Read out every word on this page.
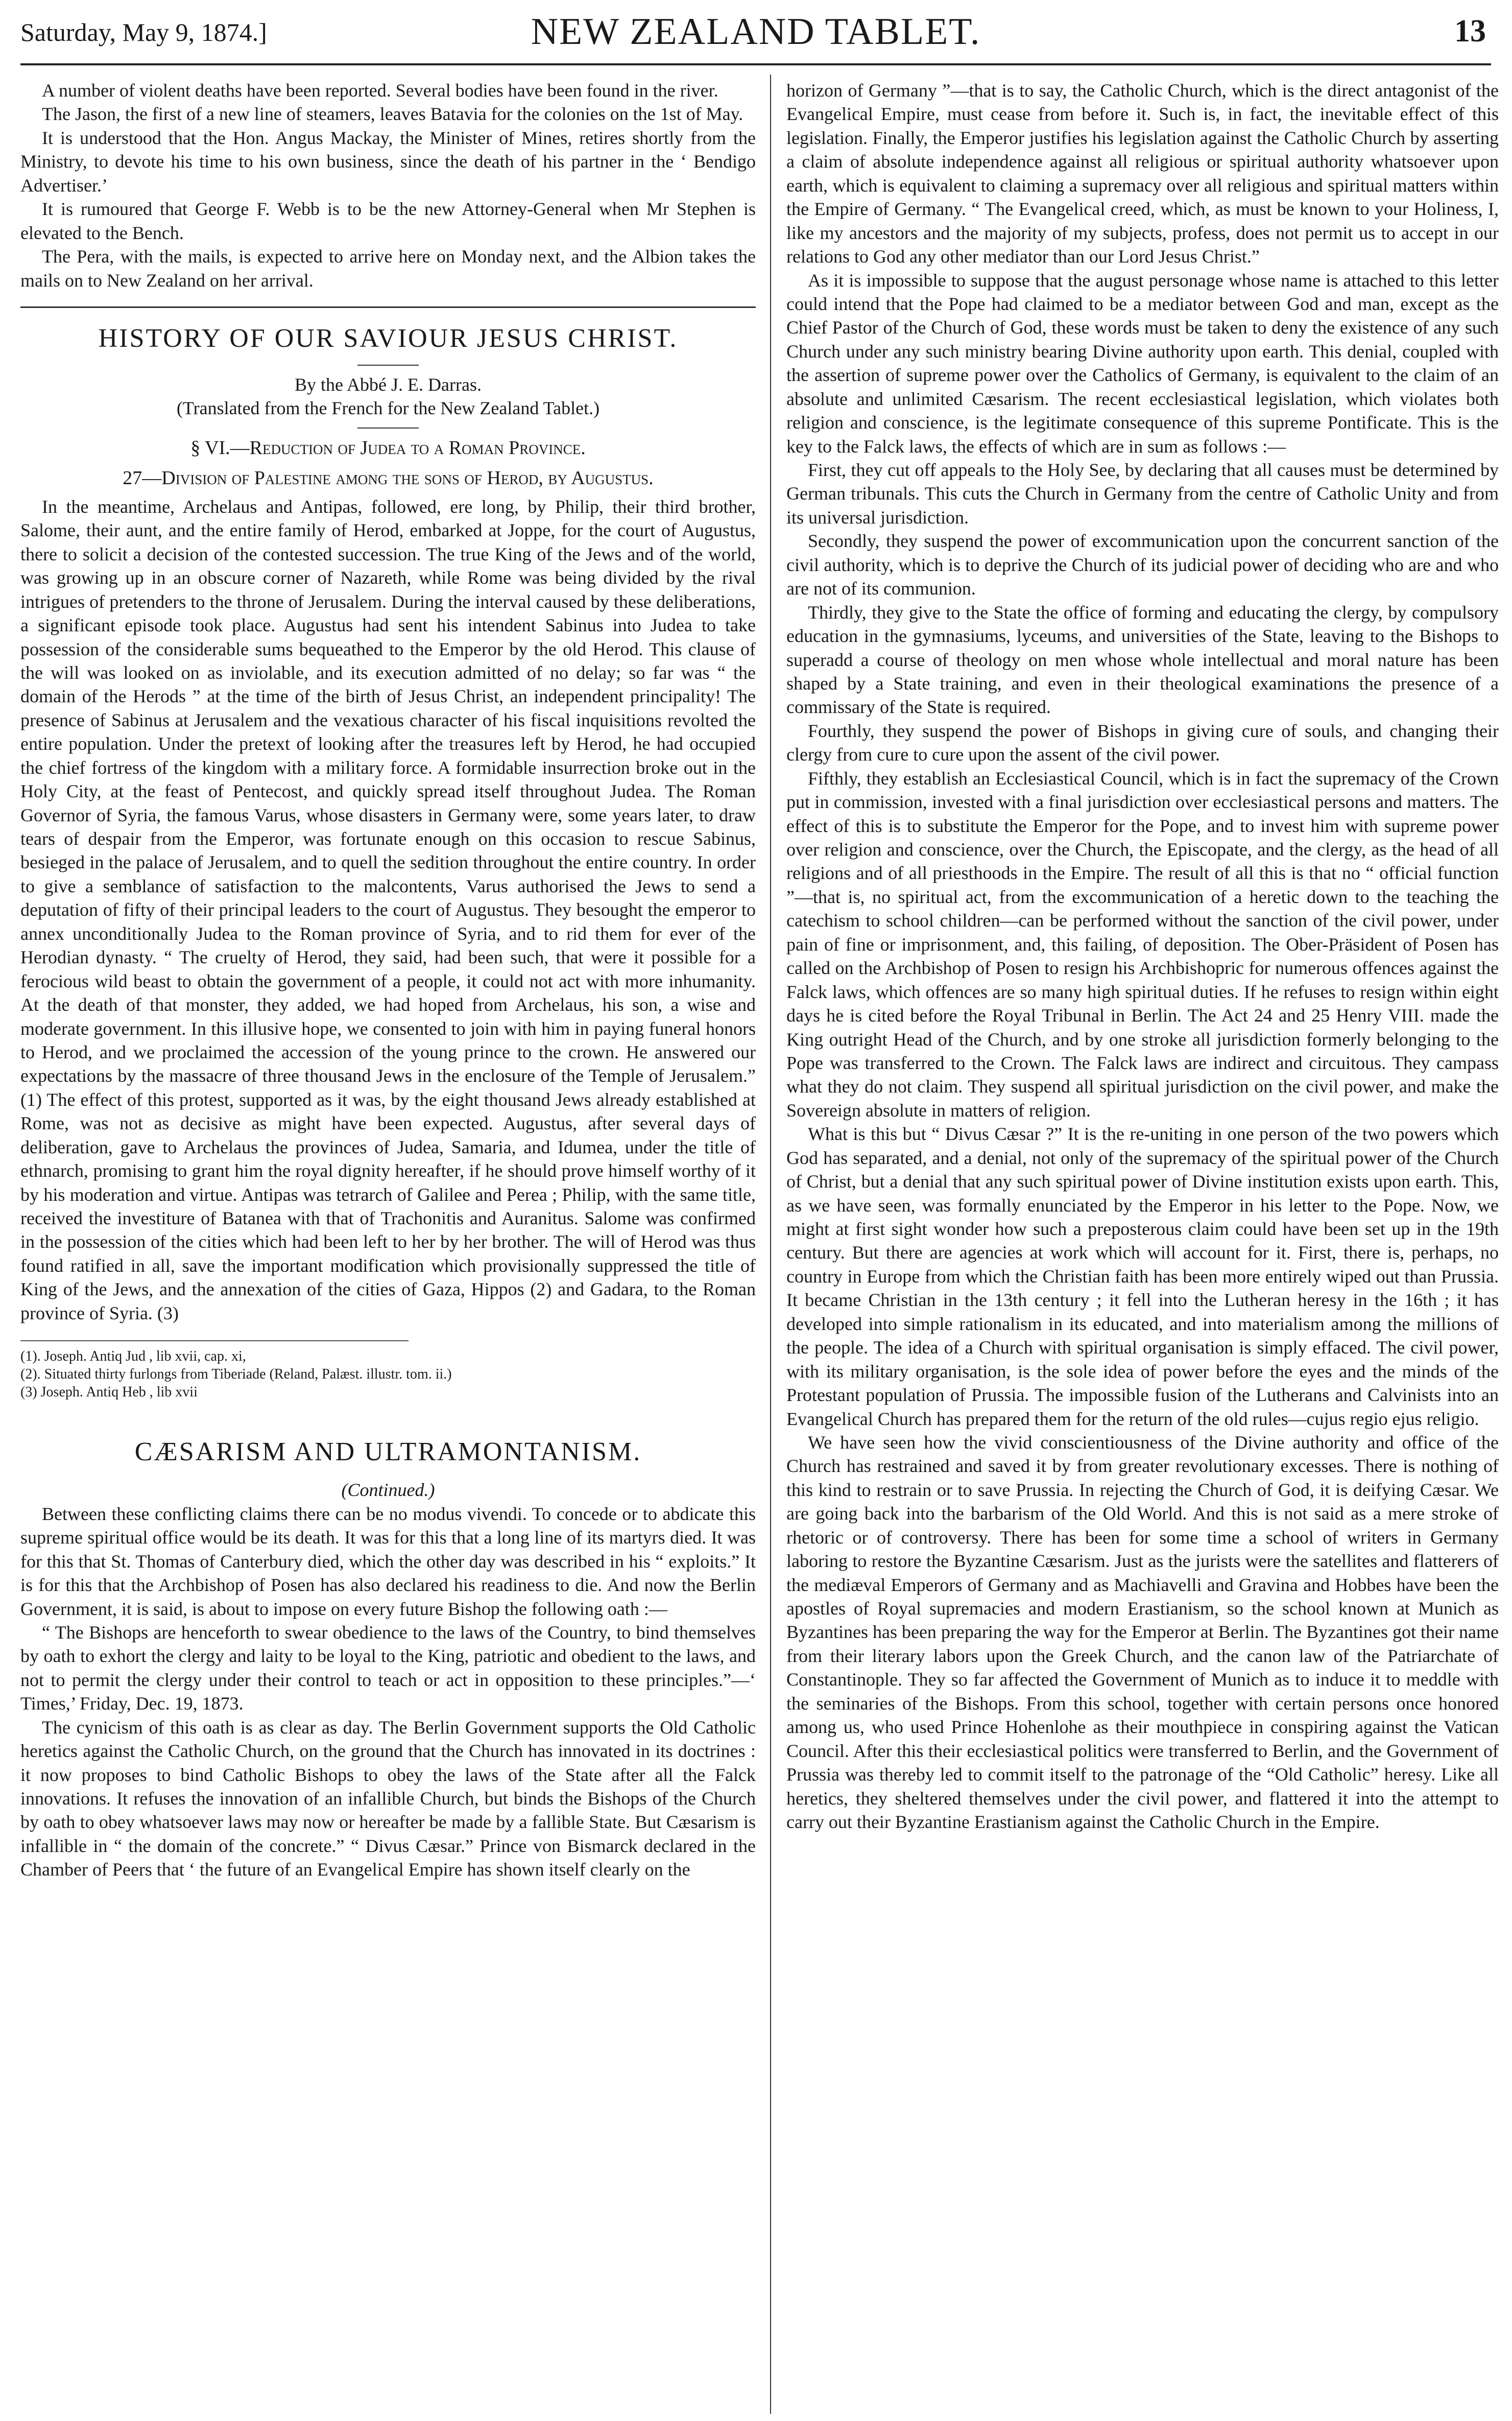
Saturday, May 9, 1874.]	NEW ZEALAND TABLET.	13

A number of violent deaths have been reported. Several bodies have been found in the river.

The Jason, the first of a new line of steamers, leaves Batavia for the colonies on the 1st of May.

It is understood that the Hon. Angus Mackay, the Minister of Mines, retires shortly from the Ministry, to devote his time to his own business, since the death of his partner in the ‘ Bendigo Advertiser.’

It is rumoured that George F. Webb is to be the new Attorney-General when Mr Stephen is elevated to the Bench.

The Pera, with the mails, is expected to arrive here on Monday next, and the Albion takes the mails on to New Zealand on her arrival.

HISTORY OF OUR SAVIOUR JESUS CHRIST.

By the Abbé J. E. Darras.

(Translated from the French for the New Zealand Tablet.)

§ VI.—Reduction of Judea to a Roman Province.

27—Division of Palestine among the sons of Herod, by Augustus.

In the meantime, Archelaus and Antipas, followed, ere long, by Philip, their third brother, Salome, their aunt, and the entire family of Herod, embarked at Joppe, for the court of Augustus, there to solicit a decision of the contested succession. The true King of the Jews and of the world, was growing up in an obscure corner of Nazareth, while Rome was being divided by the rival intrigues of pretenders to the throne of Jerusalem. During the interval caused by these deliberations, a significant episode took place. Augustus had sent his intendent Sabinus into Judea to take possession of the considerable sums bequeathed to the Emperor by the old Herod. This clause of the will was looked on as inviolable, and its execution admitted of no delay; so far was “ the domain of the Herods ” at the time of the birth of Jesus Christ, an independent principality! The presence of Sabinus at Jerusalem and the vexatious character of his fiscal inquisitions revolted the entire population. Under the pretext of looking after the treasures left by Herod, he had occupied the chief fortress of the kingdom with a military force. A formidable insurrection broke out in the Holy City, at the feast of Pentecost, and quickly spread itself throughout Judea. The Roman Governor of Syria, the famous Varus, whose disasters in Germany were, some years later, to draw tears of despair from the Emperor, was fortunate enough on this occasion to rescue Sabinus, besieged in the palace of Jerusalem, and to quell the sedition throughout the entire country. In order to give a semblance of satisfaction to the malcontents, Varus authorised the Jews to send a deputation of fifty of their principal leaders to the court of Augustus. They besought the emperor to annex unconditionally Judea to the Roman province of Syria, and to rid them for ever of the Herodian dynasty. “ The cruelty of Herod, they said, had been such, that were it possible for a ferocious wild beast to obtain the government of a people, it could not act with more inhumanity. At the death of that monster, they added, we had hoped from Archelaus, his son, a wise and moderate government. In this illusive hope, we consented to join with him in paying funeral honors to Herod, and we proclaimed the accession of the young prince to the crown. He answered our expectations by the massacre of three thousand Jews in the enclosure of the Temple of Jerusalem.” (1) The effect of this protest, supported as it was, by the eight thousand Jews already established at Rome, was not as decisive as might have been expected. Augustus, after several days of deliberation, gave to Archelaus the provinces of Judea, Samaria, and Idumea, under the title of ethnarch, promising to grant him the royal dignity hereafter, if he should prove himself worthy of it by his moderation and virtue. Antipas was tetrarch of Galilee and Perea ; Philip, with the same title, received the investiture of Batanea with that of Trachonitis and Auranitus. Salome was confirmed in the possession of the cities which had been left to her by her brother. The will of Herod was thus found ratified in all, save the important modification which provisionally suppressed the title of King of the Jews, and the annexation of the cities of Gaza, Hippos (2) and Gadara, to the Roman province of Syria. (3)

(1). Joseph. Antiq Jud , lib xvii, cap. xi,

(2). Situated thirty furlongs from Tiberiade (Reland, Palæst. illustr. tom. ii.)

(3) Joseph. Antiq Heb , lib xvii

CÆSARISM AND ULTRAMONTANISM.

(Continued.)

Between these conflicting claims there can be no modus vivendi. To concede or to abdicate this supreme spiritual office would be its death. It was for this that a long line of its martyrs died. It was for this that St. Thomas of Canterbury died, which the other day was described in his “ exploits.” It is for this that the Archbishop of Posen has also declared his readiness to die. And now the Berlin Government, it is said, is about to impose on every future Bishop the following oath :—

“ The Bishops are henceforth to swear obedience to the laws of the Country, to bind themselves by oath to exhort the clergy and laity to be loyal to the King, patriotic and obedient to the laws, and not to permit the clergy under their control to teach or act in opposition to these principles.”—‘ Times,’ Friday, Dec. 19, 1873.

The cynicism of this oath is as clear as day. The Berlin Government supports the Old Catholic heretics against the Catholic Church, on the ground that the Church has innovated in its doctrines : it now proposes to bind Catholic Bishops to obey the laws of the State after all the Falck innovations. It refuses the innovation of an infallible Church, but binds the Bishops of the Church by oath to obey whatsoever laws may now or hereafter be made by a fallible State. But Cæsarism is infallible in “ the domain of the concrete.” “ Divus Cæsar.” Prince von Bismarck declared in the Chamber of Peers that ‘ the future of an Evangelical Empire has shown itself clearly on the

horizon of Germany ”—that is to say, the Catholic Church, which is the direct antagonist of the Evangelical Empire, must cease from before it. Such is, in fact, the inevitable effect of this legislation. Finally, the Emperor justifies his legislation against the Catholic Church by asserting a claim of absolute independence against all religious or spiritual authority whatsoever upon earth, which is equivalent to claiming a supremacy over all religious and spiritual matters within the Empire of Germany. “ The Evangelical creed, which, as must be known to your Holiness, I, like my ancestors and the majority of my subjects, profess, does not permit us to accept in our relations to God any other mediator than our Lord Jesus Christ.”

As it is impossible to suppose that the august personage whose name is attached to this letter could intend that the Pope had claimed to be a mediator between God and man, except as the Chief Pastor of the Church of God, these words must be taken to deny the existence of any such Church under any such ministry bearing Divine authority upon earth. This denial, coupled with the assertion of supreme power over the Catholics of Germany, is equivalent to the claim of an absolute and unlimited Cæsarism. The recent ecclesiastical legislation, which violates both religion and conscience, is the legitimate consequence of this supreme Pontificate. This is the key to the Falck laws, the effects of which are in sum as follows :—

First, they cut off appeals to the Holy See, by declaring that all causes must be determined by German tribunals. This cuts the Church in Germany from the centre of Catholic Unity and from its universal jurisdiction.

Secondly, they suspend the power of excommunication upon the concurrent sanction of the civil authority, which is to deprive the Church of its judicial power of deciding who are and who are not of its communion.

Thirdly, they give to the State the office of forming and educating the clergy, by compulsory education in the gymnasiums, lyceums, and universities of the State, leaving to the Bishops to superadd a course of theology on men whose whole intellectual and moral nature has been shaped by a State training, and even in their theological examinations the presence of a commissary of the State is required.

Fourthly, they suspend the power of Bishops in giving cure of souls, and changing their clergy from cure to cure upon the assent of the civil power.

Fifthly, they establish an Ecclesiastical Council, which is in fact the supremacy of the Crown put in commission, invested with a final jurisdiction over ecclesiastical persons and matters. The effect of this is to substitute the Emperor for the Pope, and to invest him with supreme power over religion and conscience, over the Church, the Episcopate, and the clergy, as the head of all religions and of all priesthoods in the Empire. The result of all this is that no “ official function ”—that is, no spiritual act, from the excommunication of a heretic down to the teaching the catechism to school children—can be performed without the sanction of the civil power, under pain of fine or imprisonment, and, this failing, of deposition. The Ober-Präsident of Posen has called on the Archbishop of Posen to resign his Archbishopric for numerous offences against the Falck laws, which offences are so many high spiritual duties. If he refuses to resign within eight days he is cited before the Royal Tribunal in Berlin. The Act 24 and 25 Henry VIII. made the King outright Head of the Church, and by one stroke all jurisdiction formerly belonging to the Pope was transferred to the Crown. The Falck laws are indirect and circuitous. They campass what they do not claim. They suspend all spiritual jurisdiction on the civil power, and make the Sovereign absolute in matters of religion.

What is this but “ Divus Cæsar ?” It is the re-uniting in one person of the two powers which God has separated, and a denial, not only of the supremacy of the spiritual power of the Church of Christ, but a denial that any such spiritual power of Divine institution exists upon earth. This, as we have seen, was formally enunciated by the Emperor in his letter to the Pope. Now, we might at first sight wonder how such a preposterous claim could have been set up in the 19th century. But there are agencies at work which will account for it. First, there is, perhaps, no country in Europe from which the Christian faith has been more entirely wiped out than Prussia. It became Christian in the 13th century ; it fell into the Lutheran heresy in the 16th ; it has developed into simple rationalism in its educated, and into materialism among the millions of the people. The idea of a Church with spiritual organisation is simply effaced. The civil power, with its military organisation, is the sole idea of power before the eyes and the minds of the Protestant population of Prussia. The impossible fusion of the Lutherans and Calvinists into an Evangelical Church has prepared them for the return of the old rules—cujus regio ejus religio.

We have seen how the vivid conscientiousness of the Divine authority and office of the Church has restrained and saved it by from greater revolutionary excesses. There is nothing of this kind to restrain or to save Prussia. In rejecting the Church of God, it is deifying Cæsar. We are going back into the barbarism of the Old World. And this is not said as a mere stroke of rhetoric or of controversy. There has been for some time a school of writers in Germany laboring to restore the Byzantine Cæsarism. Just as the jurists were the satellites and flatterers of the mediæval Emperors of Germany and as Machiavelli and Gravina and Hobbes have been the apostles of Royal supremacies and modern Erastianism, so the school known at Munich as Byzantines has been preparing the way for the Emperor at Berlin. The Byzantines got their name from their literary labors upon the Greek Church, and the canon law of the Patriarchate of Constantinople. They so far affected the Government of Munich as to induce it to meddle with the seminaries of the Bishops. From this school, together with certain persons once honored among us, who used Prince Hohenlohe as their mouthpiece in conspiring against the Vatican Council. After this their ecclesiastical politics were transferred to Berlin, and the Government of Prussia was thereby led to commit itself to the patronage of the “Old Catholic” heresy. Like all heretics, they sheltered themselves under the civil power, and flattered it into the attempt to carry out their Byzantine Erastianism against the Catholic Church in the Empire.
